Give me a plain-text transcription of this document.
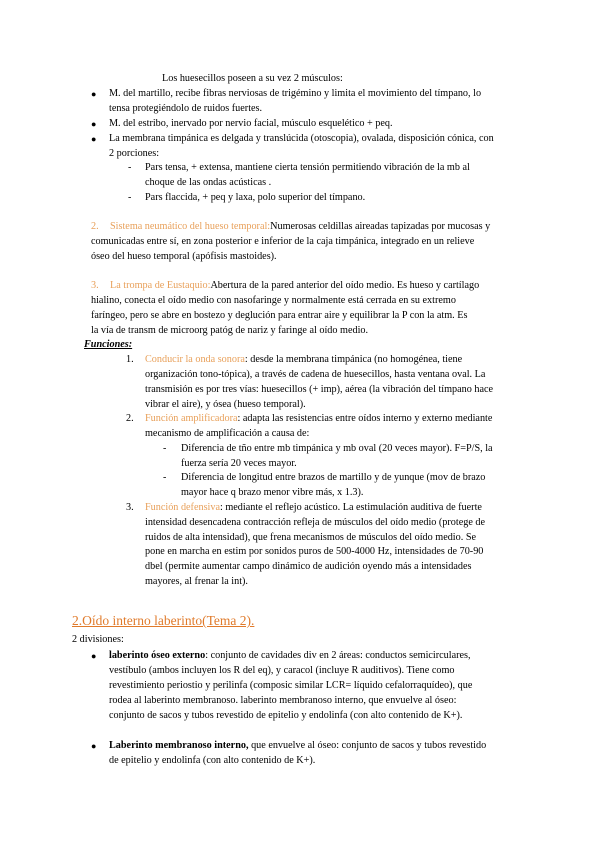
Los huesecillos poseen a su vez 2 músculos:
● M. del martillo, recibe fibras nerviosas de trigémino y limita el movimiento del tímpano, lo
tensa protegiéndolo de ruidos fuertes.
● M. del estribo, inervado por nervio facial, músculo esquelético + peq.
● La membrana timpánica es delgada y translúcida (otoscopia), ovalada, disposición cónica, con
2 porciones:
- Pars tensa, + extensa, mantiene cierta tensión permitiendo vibración de la mb al
choque de las ondas acústicas .
- Pars flaccida, + peq y laxa, polo superior del tímpano.
2. Sistema neumático del hueso temporal:Numerosas celdillas aireadas tapizadas por mucosas y
comunicadas entre sí, en zona posterior e inferior de la caja timpánica, integrado en un relieve
óseo del hueso temporal (apófisis mastoides).
3. La trompa de Eustaquio:Abertura de la pared anterior del oído medio. Es hueso y cartílago
hialino, conecta el oído medio con nasofaringe y normalmente está cerrada en su extremo
faríngeo, pero se abre en bostezo y deglución para entrar aire y equilibrar la P con la atm. Es
la vía de transm de microorg patóg de nariz y faringe al oído medio.
Funciones:
1. Conducir la onda sonora: desde la membrana timpánica (no homogénea, tiene
organización tono-tópica), a través de cadena de huesecillos, hasta ventana oval. La
transmisión es por tres vías: huesecillos (+ imp), aérea (la vibración del tímpano hace
vibrar el aire), y ósea (hueso temporal).
2. Función amplificadora: adapta las resistencias entre oídos interno y externo mediante
mecanismo de amplificación a causa de:
- Diferencia de tño entre mb timpánica y mb oval (20 veces mayor). F=P/S, la
fuerza sería 20 veces mayor.
- Diferencia de longitud entre brazos de martillo y de yunque (mov de brazo
mayor hace q brazo menor vibre más, x 1.3).
3. Función defensiva: mediante el reflejo acústico. La estimulación auditiva de fuerte
intensidad desencadena contracción refleja de músculos del oído medio (protege de
ruidos de alta intensidad), que frena mecanismos de músculos del oído medio. Se
pone en marcha en estim por sonidos puros de 500-4000 Hz, intensidades de 70-90
dbel (permite aumentar campo dinámico de audición oyendo más a intensidades
mayores, al frenar la int).
2.Oído interno laberinto(Tema 2).
2 divisiones:
● laberinto óseo externo: conjunto de cavidades div en 2 áreas: conductos semicirculares,
vestíbulo (ambos incluyen los R del eq), y caracol (incluye R auditivos). Tiene como
revestimiento periostio y perilinfa (composic similar LCR= líquido cefalorraquídeo), que
rodea al laberinto membranoso. laberinto membranoso interno, que envuelve al óseo:
conjunto de sacos y tubos revestido de epitelio y endolinfa (con alto contenido de K+).
● Laberinto membranoso interno, que envuelve al óseo: conjunto de sacos y tubos revestido
de epitelio y endolinfa (con alto contenido de K+).
